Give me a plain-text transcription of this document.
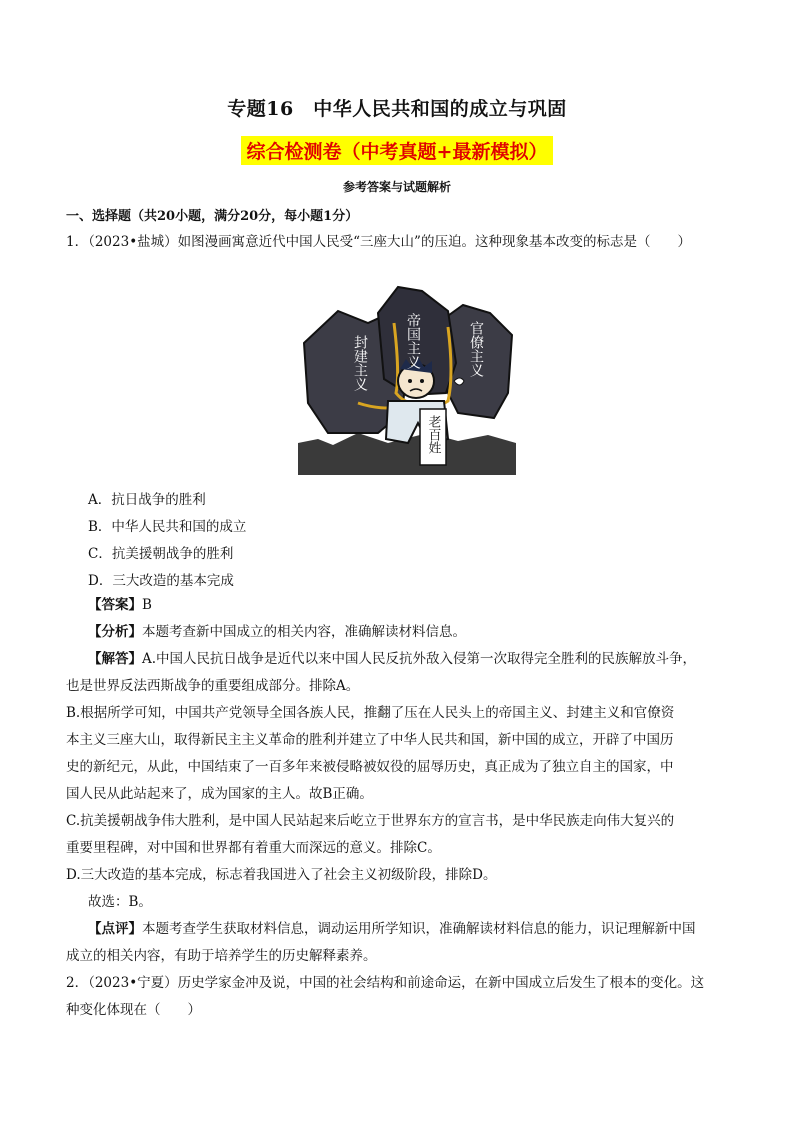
专题16　中华人民共和国的成立与巩固
综合检测卷（中考真题+最新模拟）
参考答案与试题解析
一、选择题（共20小题，满分20分，每小题1分）
1．（2023•盐城）如图漫画寓意近代中国人民受“三座大山”的压迫。这种现象基本改变的标志是（　　）
封建主义	帝国主义	官僚主义
老百姓
A．抗日战争的胜利
B．中华人民共和国的成立
C．抗美援朝战争的胜利
D．三大改造的基本完成
【答案】B
【分析】本题考查新中国成立的相关内容，准确解读材料信息。
【解答】A.中国人民抗日战争是近代以来中国人民反抗外敌入侵第一次取得完全胜利的民族解放斗争，
也是世界反法西斯战争的重要组成部分。排除A。
B.根据所学可知，中国共产党领导全国各族人民，推翻了压在人民头上的帝国主义、封建主义和官僚资
本主义三座大山，取得新民主主义革命的胜利并建立了中华人民共和国，新中国的成立，开辟了中国历
史的新纪元，从此，中国结束了一百多年来被侵略被奴役的屈辱历史，真正成为了独立自主的国家，中
国人民从此站起来了，成为国家的主人。故B正确。
C.抗美援朝战争伟大胜利，是中国人民站起来后屹立于世界东方的宣言书，是中华民族走向伟大复兴的
重要里程碑，对中国和世界都有着重大而深远的意义。排除C。
D.三大改造的基本完成，标志着我国进入了社会主义初级阶段，排除D。
故选：B。
【点评】本题考查学生获取材料信息，调动运用所学知识，准确解读材料信息的能力，识记理解新中国
成立的相关内容，有助于培养学生的历史解释素养。
2．（2023•宁夏）历史学家金冲及说，中国的社会结构和前途命运，在新中国成立后发生了根本的变化。这
种变化体现在（　　）
